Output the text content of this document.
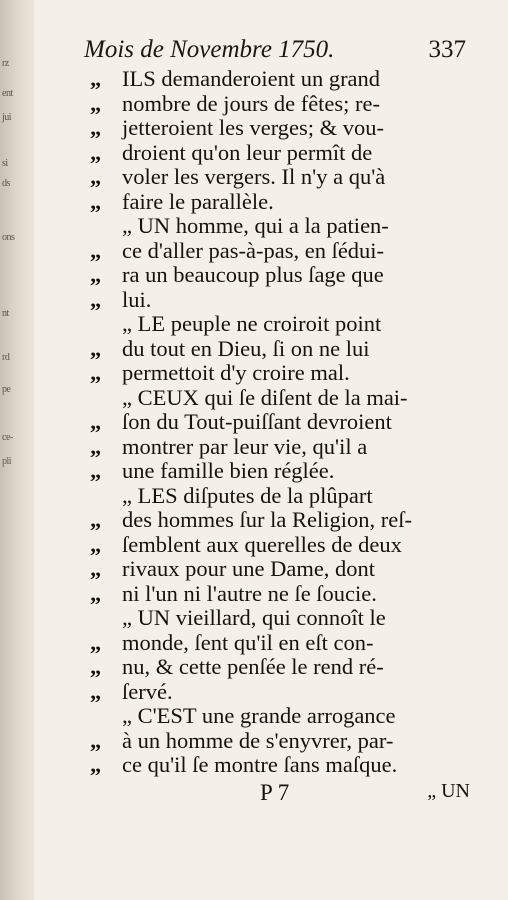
rz
ent
jui
si
ds
ons
nt
rd
pe
ce-
pli
Mois de Novembre 1750.	337
„ ILS demanderoient un grand
„ nombre de jours de fêtes; re-
„ jetteroient les verges; & vou-
„ droient qu'on leur permît de
„ voler les vergers. Il n'y a qu'à
„ faire le parallèle.
„ UN homme, qui a la patien-
„ ce d'aller pas-à-pas, en ſédui-
„ ra un beaucoup plus ſage que
„ lui.
„ LE peuple ne croiroit point
„ du tout en Dieu, ſi on ne lui
„ permettoit d'y croire mal.
„ CEUX qui ſe diſent de la mai-
„ ſon du Tout-puiſſant devroient
„ montrer par leur vie, qu'il a
„ une famille bien réglée.
„ LES diſputes de la plûpart
„ des hommes ſur la Religion, reſ-
„ ſemblent aux querelles de deux
„ rivaux pour une Dame, dont
„ ni l'un ni l'autre ne ſe ſoucie.
„ UN vieillard, qui connoît le
„ monde, ſent qu'il en eſt con-
„ nu, & cette penſée le rend ré-
„ ſervé.
„ C'EST une grande arrogance
„ à un homme de s'enyvrer, par-
„ ce qu'il ſe montre ſans maſque.
P 7	„ UN
